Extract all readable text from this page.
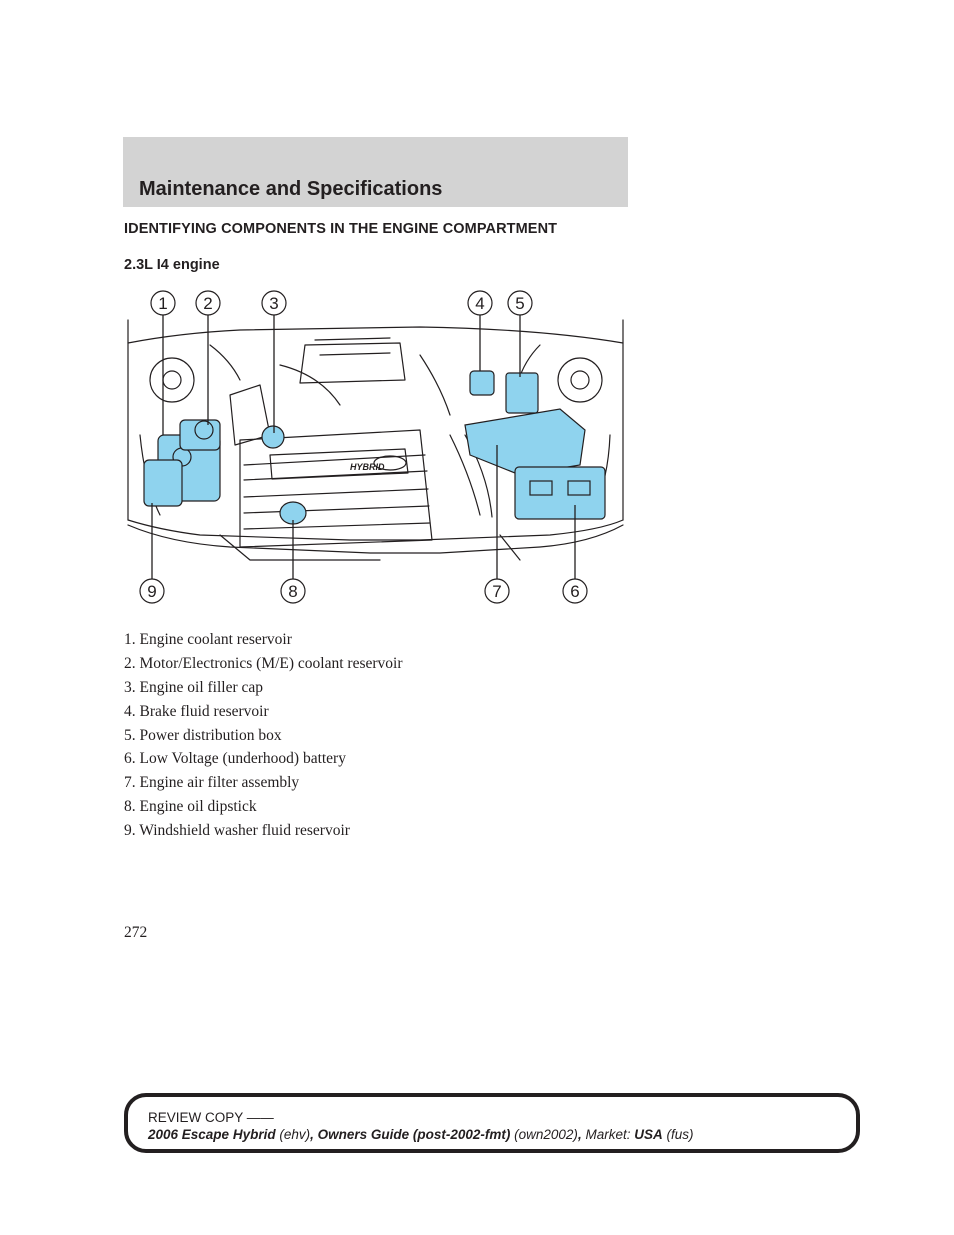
Maintenance and Specifications
IDENTIFYING COMPONENTS IN THE ENGINE COMPARTMENT
2.3L I4 engine
HYBRID
1 2	3	4 5
9	8	7	6
1. Engine coolant reservoir
2. Motor/Electronics (M/E) coolant reservoir
3. Engine oil filler cap
4. Brake fluid reservoir
5. Power distribution box
6. Low Voltage (underhood) battery
7. Engine air filter assembly
8. Engine oil dipstick
9. Windshield washer fluid reservoir
272
REVIEW COPY ——
2006 Escape Hybrid (ehv), Owners Guide (post-2002-fmt) (own2002), Market: USA (fus)
